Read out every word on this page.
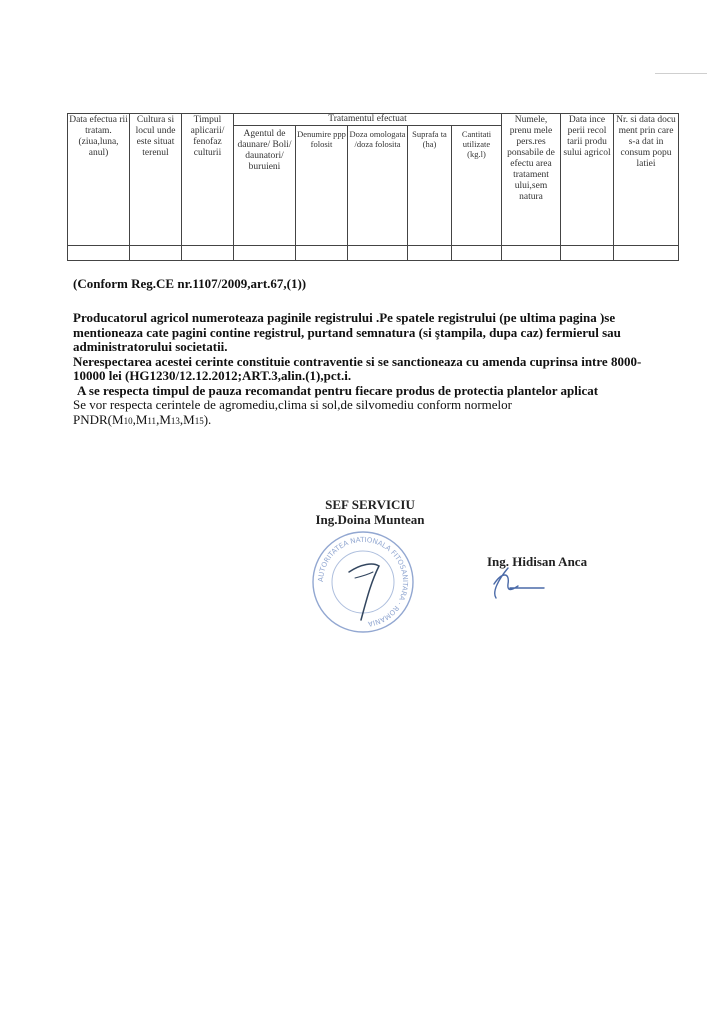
Data efectua rii tratam. (ziua,luna, anul)	Cultura si locul unde este situat terenul	Timpul aplicarii/ fenofaz culturii	Tratamentul efectuat					Numele, prenu mele pers.res ponsabile de efectu area tratament ului,sem natura	Data ince perii recol tarii produ sului agricol	Nr. si data docu ment prin care s-a dat in consum popu latiei
			Agentul de daunare/ Boli/ daunatori/ buruieni	Denumire ppp folosit	Doza omologata /doza folosita	Suprafa ta (ha)	Cantitati utilizate (kg.l)			

(Conform Reg.CE nr.1107/2009,art.67,(1))

Producatorul agricol numeroteaza paginile registrului .Pe spatele registrului (pe ultima pagina )se mentioneaza cate pagini contine registrul, purtand semnatura (si ştampila, dupa caz) fermierul sau administratorului societatii.

Nerespectarea acestei cerinte constituie contraventie si se sanctioneaza cu amenda cuprinsa intre 8000-10000 lei (HG1230/12.12.2012;ART.3,alin.(1),pct.i.

A se respecta timpul de pauza recomandat pentru fiecare produs de protectia plantelor aplicat

Se vor respecta cerintele de agromediu,clima si sol,de silvomediu conform normelor

PNDR(M10,M11,M13,M15).

SEF SERVICIU
Ing.Doina Muntean
AUTORITATEA NATIONALA FITOSANITARA · ROMANIA
Ing. Hidisan Anca
